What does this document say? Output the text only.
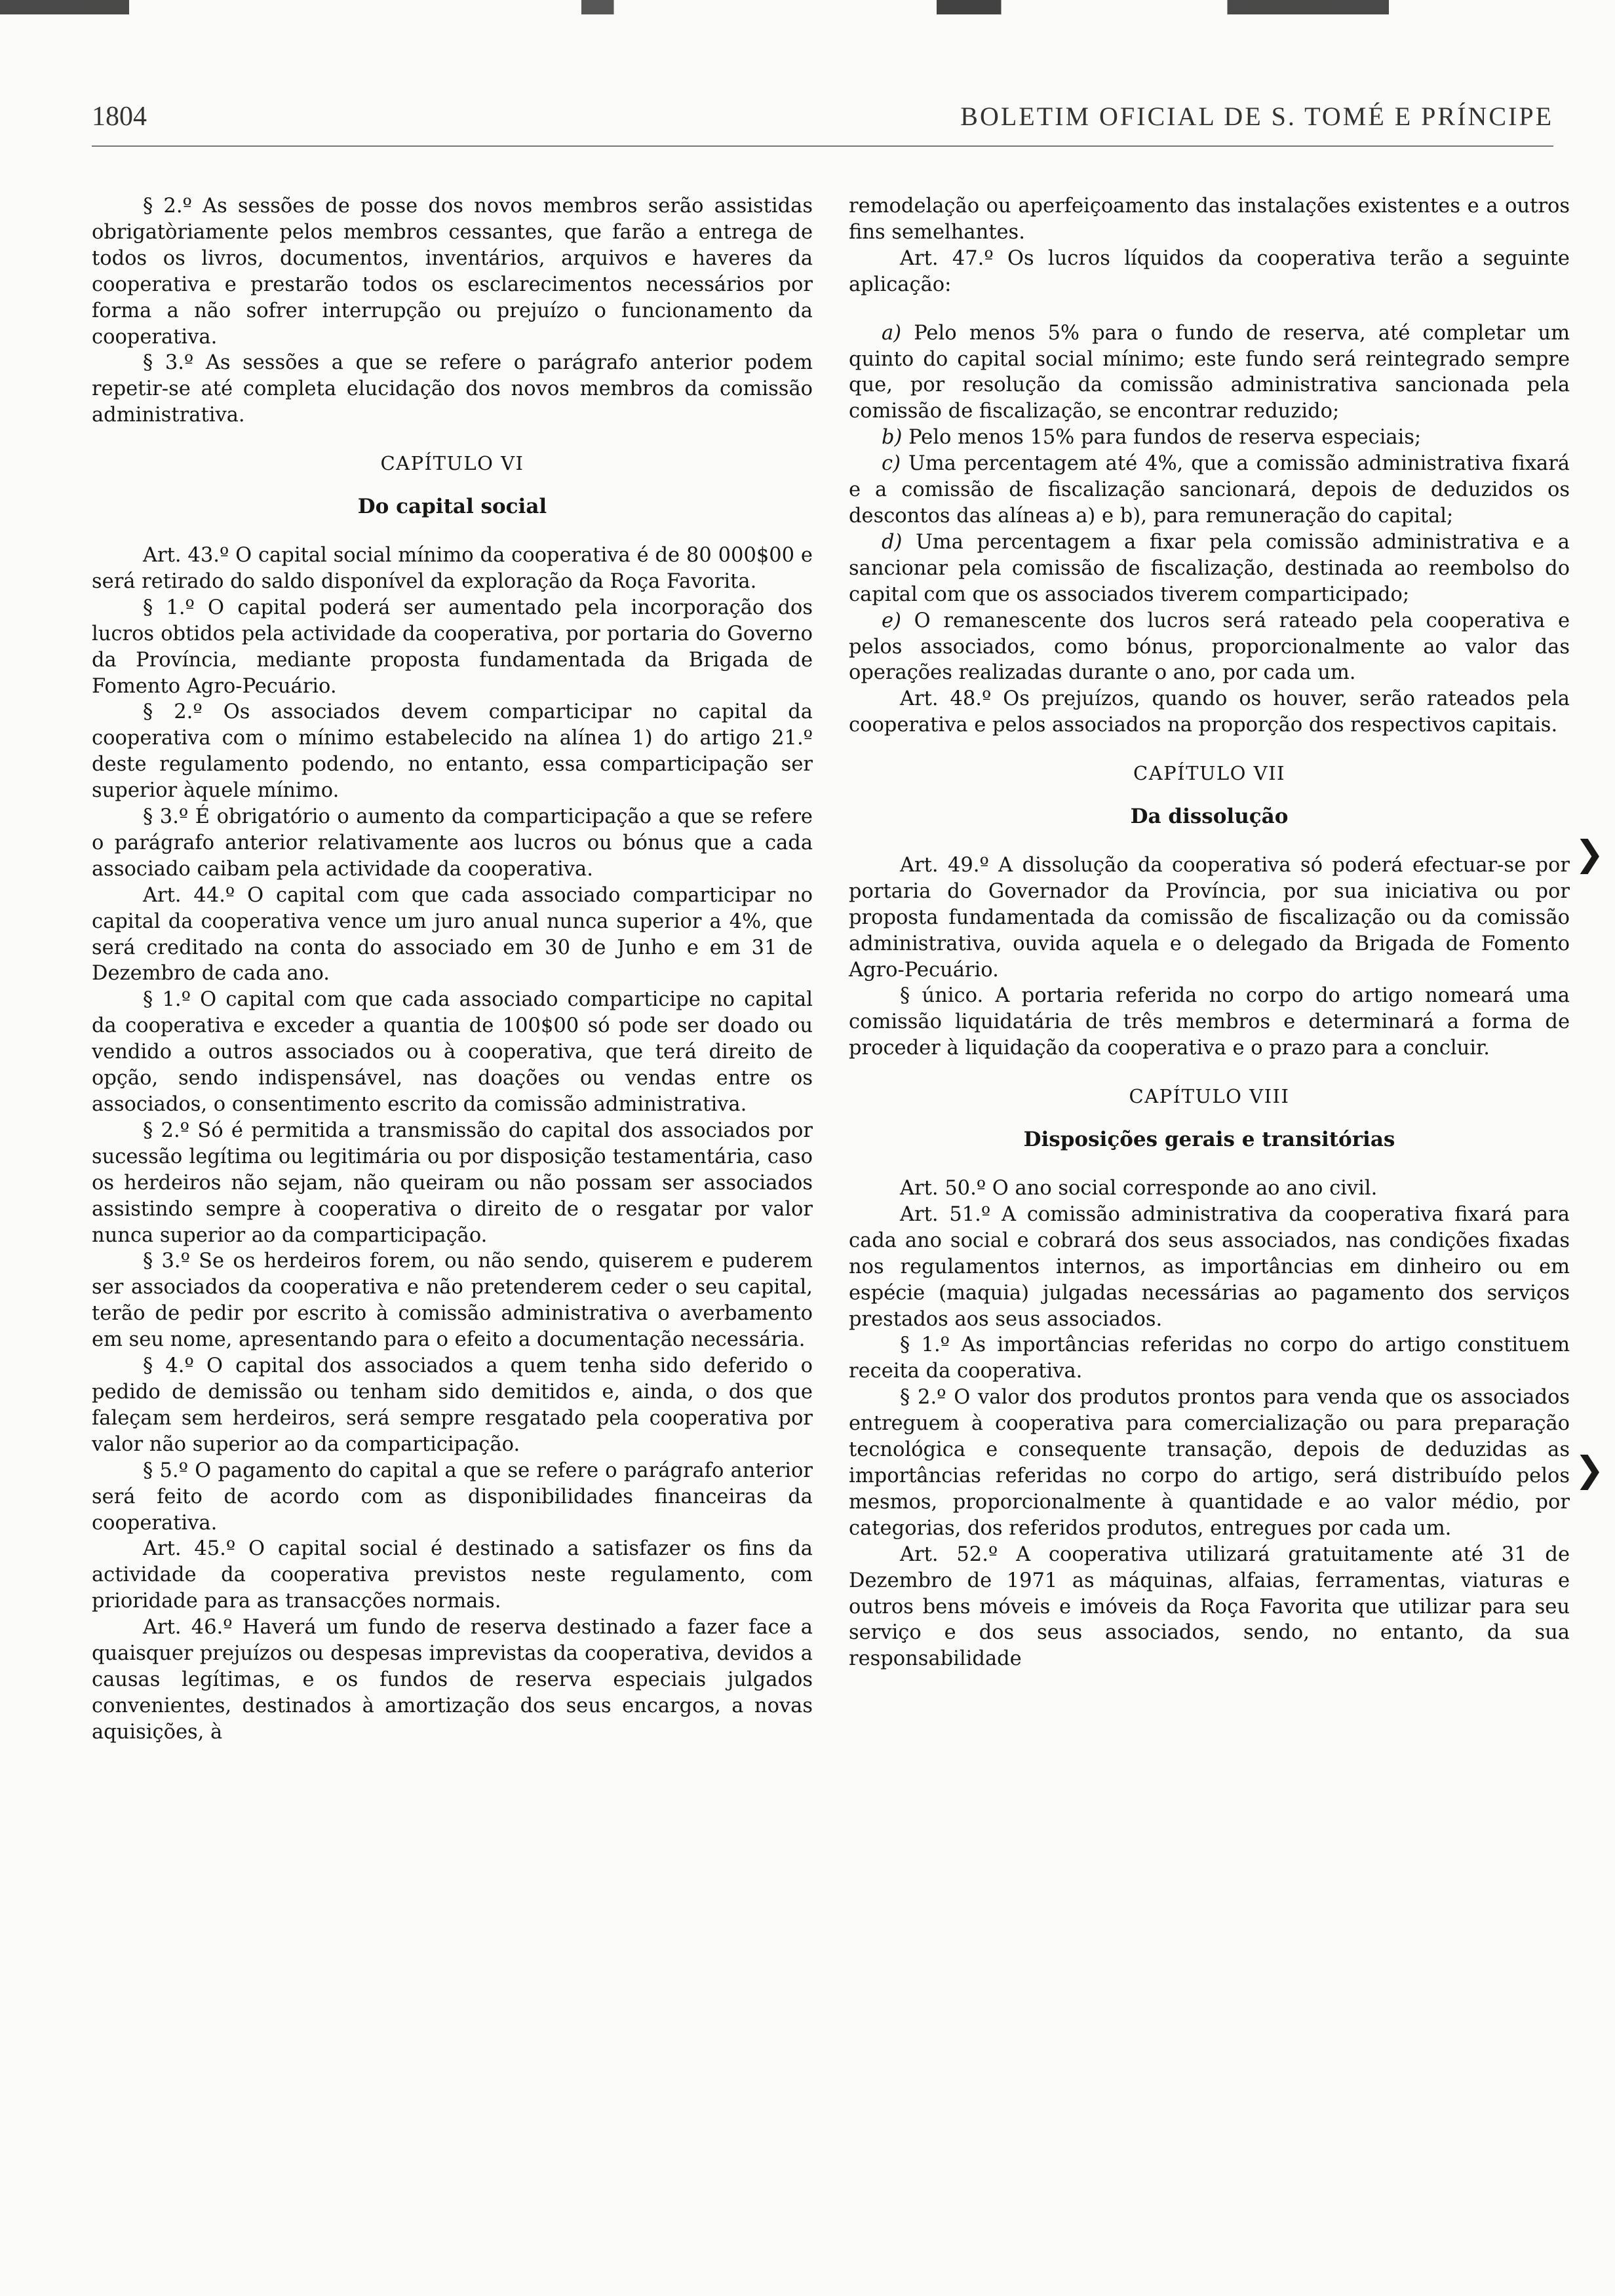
1804	BOLETIM OFICIAL DE S. TOMÉ E PRÍNCIPE

§ 2.º As sessões de posse dos novos membros serão assistidas obrigatòriamente pelos membros cessantes, que farão a entrega de todos os livros, documentos, inventários, arquivos e haveres da cooperativa e prestarão todos os esclarecimentos necessários por forma a não sofrer interrupção ou prejuízo o funcionamento da cooperativa.

§ 3.º As sessões a que se refere o parágrafo anterior podem repetir-se até completa elucidação dos novos membros da comissão administrativa.

CAPÍTULO VI
Do capital social

Art. 43.º O capital social mínimo da cooperativa é de 80 000$00 e será retirado do saldo disponível da exploração da Roça Favorita.

§ 1.º O capital poderá ser aumentado pela incorporação dos lucros obtidos pela actividade da cooperativa, por portaria do Governo da Província, mediante proposta fundamentada da Brigada de Fomento Agro-Pecuário.

§ 2.º Os associados devem comparticipar no capital da cooperativa com o mínimo estabelecido na alínea 1) do artigo 21.º deste regulamento podendo, no entanto, essa comparticipação ser superior àquele mínimo.

§ 3.º É obrigatório o aumento da comparticipação a que se refere o parágrafo anterior relativamente aos lucros ou bónus que a cada associado caibam pela actividade da cooperativa.

Art. 44.º O capital com que cada associado comparticipar no capital da cooperativa vence um juro anual nunca superior a 4%, que será creditado na conta do associado em 30 de Junho e em 31 de Dezembro de cada ano.

§ 1.º O capital com que cada associado comparticipe no capital da cooperativa e exceder a quantia de 100$00 só pode ser doado ou vendido a outros associados ou à cooperativa, que terá direito de opção, sendo indispensável, nas doações ou vendas entre os associados, o consentimento escrito da comissão administrativa.

§ 2.º Só é permitida a transmissão do capital dos associados por sucessão legítima ou legitimária ou por disposição testamentária, caso os herdeiros não sejam, não queiram ou não possam ser associados assistindo sempre à cooperativa o direito de o resgatar por valor nunca superior ao da comparticipação.

§ 3.º Se os herdeiros forem, ou não sendo, quiserem e puderem ser associados da cooperativa e não pretenderem ceder o seu capital, terão de pedir por escrito à comissão administrativa o averbamento em seu nome, apresentando para o efeito a documentação necessária.

§ 4.º O capital dos associados a quem tenha sido deferido o pedido de demissão ou tenham sido demitidos e, ainda, o dos que faleçam sem herdeiros, será sempre resgatado pela cooperativa por valor não superior ao da comparticipação.

§ 5.º O pagamento do capital a que se refere o parágrafo anterior será feito de acordo com as disponibilidades financeiras da cooperativa.

Art. 45.º O capital social é destinado a satisfazer os fins da actividade da cooperativa previstos neste regulamento, com prioridade para as transacções normais.

Art. 46.º Haverá um fundo de reserva destinado a fazer face a quaisquer prejuízos ou despesas imprevistas da cooperativa, devidos a causas legítimas, e os fundos de reserva especiais julgados convenientes, destinados à amortização dos seus encargos, a novas aquisições, à

remodelação ou aperfeiçoamento das instalações existentes e a outros fins semelhantes.

Art. 47.º Os lucros líquidos da cooperativa terão a seguinte aplicação:

a) Pelo menos 5% para o fundo de reserva, até completar um quinto do capital social mínimo; este fundo será reintegrado sempre que, por resolução da comissão administrativa sancionada pela comissão de fiscalização, se encontrar reduzido;

b) Pelo menos 15% para fundos de reserva especiais;

c) Uma percentagem até 4%, que a comissão administrativa fixará e a comissão de fiscalização sancionará, depois de deduzidos os descontos das alíneas a) e b), para remuneração do capital;

d) Uma percentagem a fixar pela comissão administrativa e a sancionar pela comissão de fiscalização, destinada ao reembolso do capital com que os associados tiverem comparticipado;

e) O remanescente dos lucros será rateado pela cooperativa e pelos associados, como bónus, proporcionalmente ao valor das operações realizadas durante o ano, por cada um.

Art. 48.º Os prejuízos, quando os houver, serão rateados pela cooperativa e pelos associados na proporção dos respectivos capitais.

CAPÍTULO VII
Da dissolução

Art. 49.º A dissolução da cooperativa só poderá efectuar-se por portaria do Governador da Província, por sua iniciativa ou por proposta fundamentada da comissão de fiscalização ou da comissão administrativa, ouvida aquela e o delegado da Brigada de Fomento Agro-Pecuário.

§ único. A portaria referida no corpo do artigo nomeará uma comissão liquidatária de três membros e determinará a forma de proceder à liquidação da cooperativa e o prazo para a concluir.

CAPÍTULO VIII
Disposições gerais e transitórias

Art. 50.º O ano social corresponde ao ano civil.

Art. 51.º A comissão administrativa da cooperativa fixará para cada ano social e cobrará dos seus associados, nas condições fixadas nos regulamentos internos, as importâncias em dinheiro ou em espécie (maquia) julgadas necessárias ao pagamento dos serviços prestados aos seus associados.

§ 1.º As importâncias referidas no corpo do artigo constituem receita da cooperativa.

§ 2.º O valor dos produtos prontos para venda que os associados entreguem à cooperativa para comercialização ou para preparação tecnológica e consequente transação, depois de deduzidas as importâncias referidas no corpo do artigo, será distribuído pelos mesmos, proporcionalmente à quantidade e ao valor médio, por categorias, dos referidos produtos, entregues por cada um.

Art. 52.º A cooperativa utilizará gratuitamente até 31 de Dezembro de 1971 as máquinas, alfaias, ferramentas, viaturas e outros bens móveis e imóveis da Roça Favorita que utilizar para seu serviço e dos seus associados, sendo, no entanto, da sua responsabilidade

❯
❯
